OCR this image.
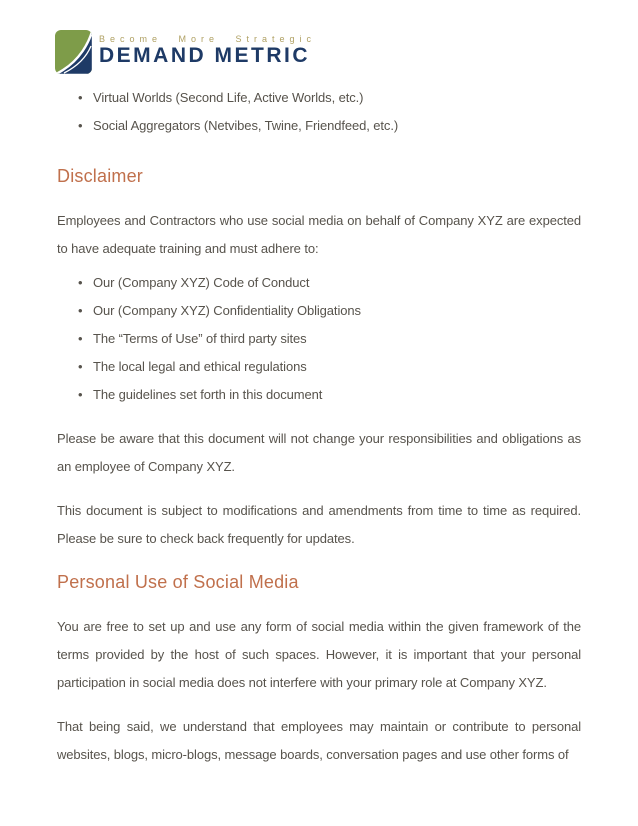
Become More Strategic
DEMAND METRIC
• Virtual Worlds (Second Life, Active Worlds, etc.)
• Social Aggregators (Netvibes, Twine, Friendfeed, etc.)
Disclaimer

Employees and Contractors who use social media on behalf of Company XYZ are expected to have adequate training and must adhere to:

• Our (Company XYZ) Code of Conduct
• Our (Company XYZ) Confidentiality Obligations
• The “Terms of Use” of third party sites
• The local legal and ethical regulations
• The guidelines set forth in this document

Please be aware that this document will not change your responsibilities and obligations as an employee of Company XYZ.

This document is subject to modifications and amendments from time to time as required. Please be sure to check back frequently for updates.

Personal Use of Social Media

You are free to set up and use any form of social media within the given framework of the terms provided by the host of such spaces. However, it is important that your personal participation in social media does not interfere with your primary role at Company XYZ.

That being said, we understand that employees may maintain or contribute to personal websites, blogs, micro-blogs, message boards, conversation pages and use other forms of
